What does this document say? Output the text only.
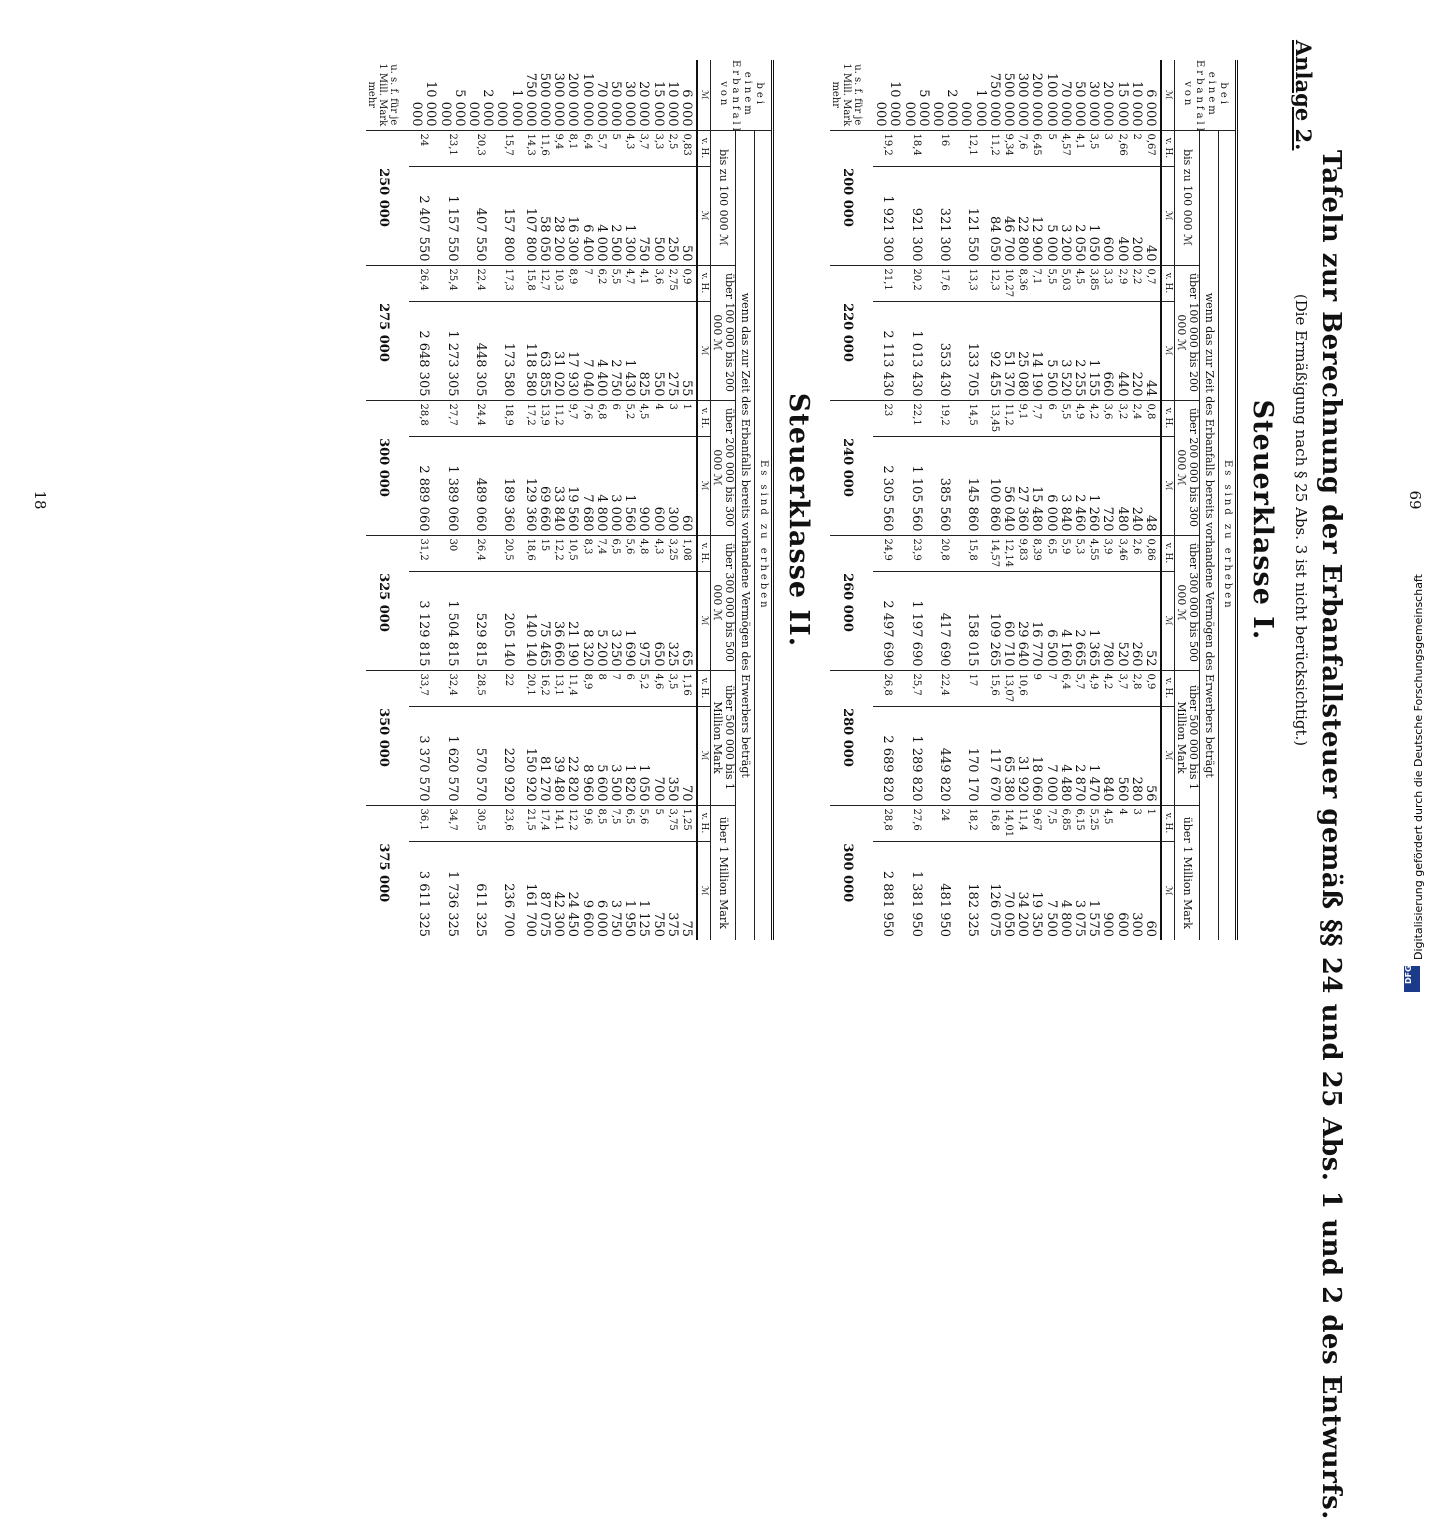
69
Anlage 2.
Tafeln zur Berechnung der Erbanfallsteuer gemäß §§ 24 und 25 Abs. 1 und 2 des Entwurfs.
(Die Ermäßigung nach § 25 Abs. 3 ist nicht berücksichtigt.)
Steuerklasse I.
bei einem Erbanfall von	Es sind zu erheben											
	wenn das zur Zeit des Erbanfalls bereits vorhandene Vermögen des Erwerbers beträgt											
	bis zu 100 000 ℳ		über 100 000 bis 200 000 ℳ		über 200 000 bis 300 000 ℳ		über 300 000 bis 500 000 ℳ		über 500 000 bis 1 Million Mark		über 1 Million Mark	
ℳ	v. H.	ℳ	v. H.	ℳ	v. H.	ℳ	v. H.	ℳ	v. H.	ℳ	v. H.	ℳ
6 000	0,67	40	0,7	44	0,8	48	0,86	52	0,9	56	1	60
10 000	2	200	2,2	220	2,4	240	2,6	260	2,8	280	3	300
15 000	2,66	400	2,9	440	3,2	480	3,46	520	3,7	560	4	600
20 000	3	600	3,3	660	3,6	720	3,9	780	4,2	840	4,5	900
30 000	3,5	1 050	3,85	1 155	4,2	1 260	4,55	1 365	4,9	1 470	5,25	1 575
50 000	4,1	2 050	4,5	2 255	4,9	2 460	5,3	2 665	5,7	2 870	6,15	3 075
70 000	4,57	3 200	5,03	3 520	5,5	3 840	5,9	4 160	6,4	4 480	6,85	4 800
100 000	5	5 000	5,5	5 500	6	6 000	6,5	6 500	7	7 000	7,5	7 500
200 000	6,45	12 900	7,1	14 190	7,7	15 480	8,39	16 770	9	18 060	9,67	19 350
300 000	7,6	22 800	8,36	25 080	9,1	27 360	9,83	29 640	10,6	31 920	11,4	34 200
500 000	9,34	46 700	10,27	51 370	11,2	56 040	12,14	60 710	13,07	65 380	14,01	70 050
750 000	11,2	84 050	12,3	92 455	13,45	100 860	14,57	109 265	15,6	117 670	16,8	126 075
1 000 000	12,1	121 550	13,3	133 705	14,5	145 860	15,8	158 015	17	170 170	18,2	182 325
2 000 000	16	321 300	17,6	353 430	19,2	385 560	20,8	417 690	22,4	449 820	24	481 950
5 000 000	18,4	921 300	20,2	1 013 430	22,1	1 105 560	23,9	1 197 690	25,7	1 289 820	27,6	1 381 950
10 000 000	19,2	1 921 300	21,1	2 113 430	23	2 305 560	24,9	2 497 690	26,8	2 689 820	28,8	2 881 950
u. s. f. für je 1 Mill. Mark mehr	200 000		220 000		240 000		260 000		280 000		300 000	
Steuerklasse II.
bei einem Erbanfall von	Es sind zu erheben											
	wenn das zur Zeit des Erbanfalls bereits vorhandene Vermögen des Erwerbers beträgt											
	bis zu 100 000 ℳ		über 100 000 bis 200 000 ℳ		über 200 000 bis 300 000 ℳ		über 300 000 bis 500 000 ℳ		über 500 000 bis 1 Million Mark		über 1 Million Mark	
ℳ	v. H.	ℳ	v. H.	ℳ	v. H.	ℳ	v. H.	ℳ	v. H.	ℳ	v. H.	ℳ
6 000	0,83	50	0,9	55	1	60	1,08	65	1,16	70	1,25	75
10 000	2,5	250	2,75	275	3	300	3,25	325	3,5	350	3,75	375
15 000	3,3	500	3,6	550	4	600	4,3	650	4,6	700	5	750
20 000	3,7	750	4,1	825	4,5	900	4,8	975	5,2	1 050	5,6	1 125
30 000	4,3	1 300	4,7	1 430	5,2	1 560	5,6	1 690	6	1 820	6,5	1 950
50 000	5	2 500	5,5	2 750	6	3 000	6,5	3 250	7	3 500	7,5	3 750
70 000	5,7	4 000	6,2	4 400	6,8	4 800	7,4	5 200	8	5 600	8,5	6 000
100 000	6,4	6 400	7	7 040	7,6	7 680	8,3	8 320	8,9	8 960	9,6	9 600
200 000	8,1	16 300	8,9	17 930	9,7	19 560	10,5	21 190	11,4	22 820	12,2	24 450
300 000	9,4	28 200	10,3	31 020	11,2	33 840	12,2	36 660	13,1	39 480	14,1	42 300
500 000	11,6	58 050	12,7	63 855	13,9	69 660	15	75 465	16,2	81 270	17,4	87 075
750 000	14,3	107 800	15,8	118 580	17,2	129 360	18,6	140 140	20,1	150 920	21,5	161 700
1 000 000	15,7	157 800	17,3	173 580	18,9	189 360	20,5	205 140	22	220 920	23,6	236 700
2 000 000	20,3	407 550	22,4	448 305	24,4	489 060	26,4	529 815	28,5	570 570	30,5	611 325
5 000 000	23,1	1 157 550	25,4	1 273 305	27,7	1 389 060	30	1 504 815	32,4	1 620 570	34,7	1 736 325
10 000 000	24	2 407 550	26,4	2 648 305	28,8	2 889 060	31,2	3 129 815	33,7	3 370 570	36,1	3 611 325
u. s. f. für je 1 Mill. Mark mehr	250 000		275 000		300 000		325 000		350 000		375 000	
18
Digitalisierung gefördert durch die Deutsche Forschungsgemeinschaft
DFG
